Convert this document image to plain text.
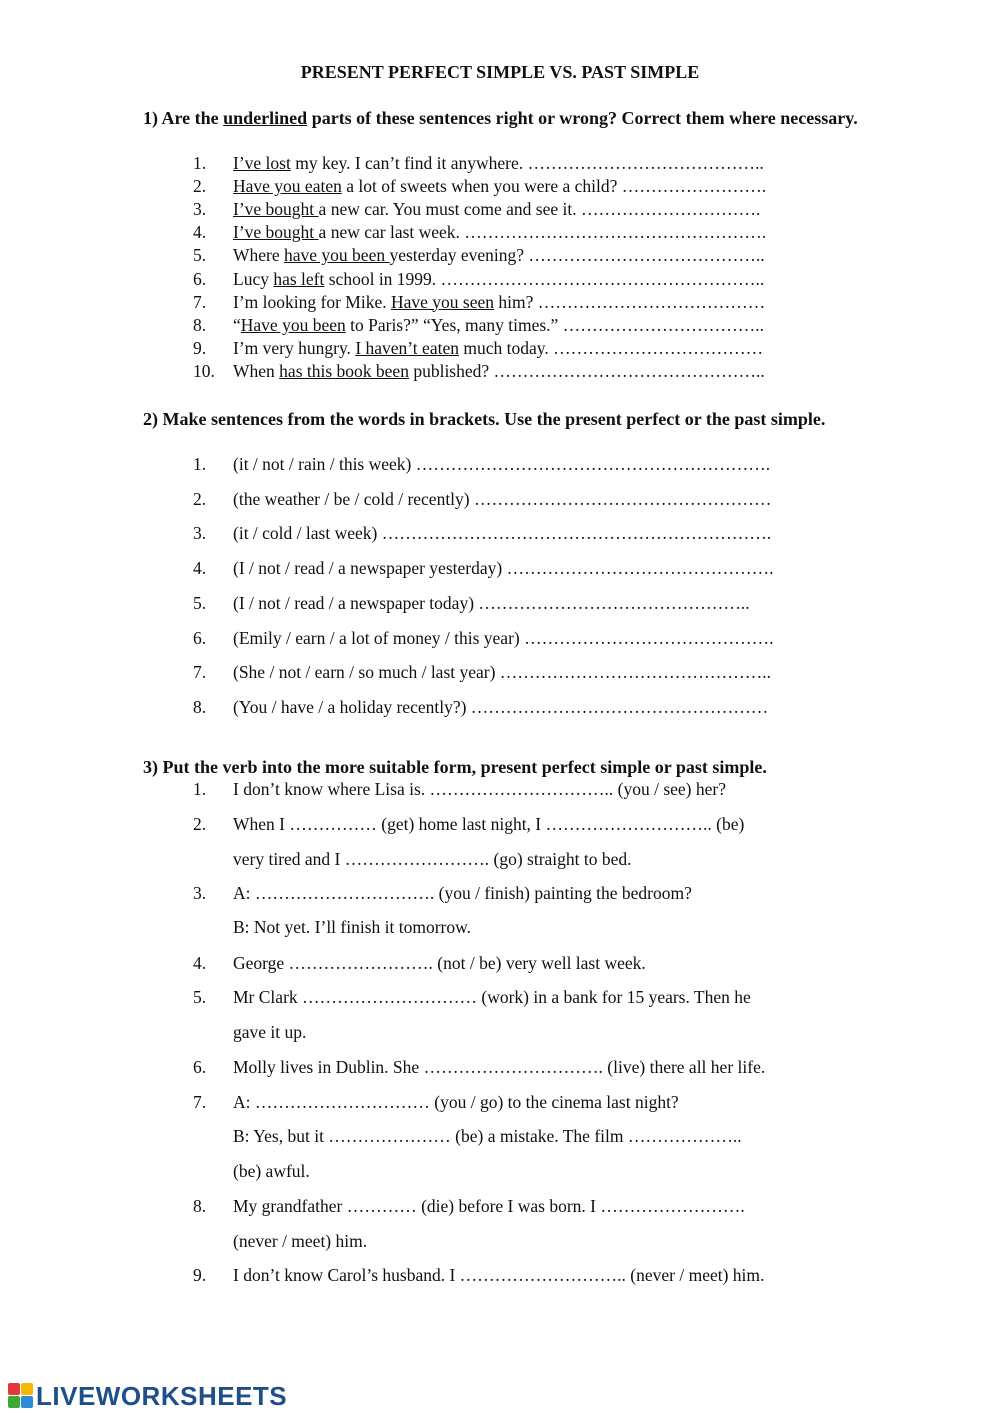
PRESENT PERFECT SIMPLE VS. PAST SIMPLE
1) Are the underlined parts of these sentences right or wrong? Correct them where necessary.
1.	I’ve lost my key. I can’t find it anywhere. …………………………………..
2.	Have you eaten a lot of sweets when you were a child? …………………….
3.	I’ve bought a new car. You must come and see it. ………………………….
4.	I’ve bought a new car last week. …………………………………………….
5.	Where have you been yesterday evening? …………………………………..
6.	Lucy has left school in 1999. ………………………………………………..
7.	I’m looking for Mike. Have you seen him? …………………………………
8.	“Have you been to Paris?” “Yes, many times.” ……………………………..
9.	I’m very hungry. I haven’t eaten much today. ………………………………
10.	When has this book been published? ………………………………………..
2) Make sentences from the words in brackets. Use the present perfect or the past simple.
1.	(it / not / rain / this week) …………………………………………………….
2.	(the weather / be / cold / recently) ……………………………………………
3.	(it / cold / last week) ………………………………………………………….
4.	(I / not / read / a newspaper yesterday) ……………………………………….
5.	(I / not / read / a newspaper today) ………………………………………..
6.	(Emily / earn / a lot of money / this year) …………………………………….
7.	(She / not / earn / so much / last year) ………………………………………..
8.	(You / have / a holiday recently?) ……………………………………………
3) Put the verb into the more suitable form, present perfect simple or past simple.
1.	I don’t know where Lisa is. ………………………….. (you / see) her?
2.	When I …………… (get) home last night, I ……………………….. (be)
very tired and I ……………………. (go) straight to bed.
3.	A: …………………………. (you / finish) painting the bedroom?
B: Not yet. I’ll finish it tomorrow.
4.	George ……………………. (not / be) very well last week.
5.	Mr Clark ………………………… (work) in a bank for 15 years. Then he
gave it up.
6.	Molly lives in Dublin. She …………………………. (live) there all her life.
7.	A: ………………………… (you / go) to the cinema last night?
B: Yes, but it ………………… (be) a mistake. The film ………………..
(be) awful.
8.	My grandfather ………… (die) before I was born. I …………………….
(never / meet) him.
9.	I don’t know Carol’s husband. I ……………………….. (never / meet) him.
LIVEWORKSHEETS
